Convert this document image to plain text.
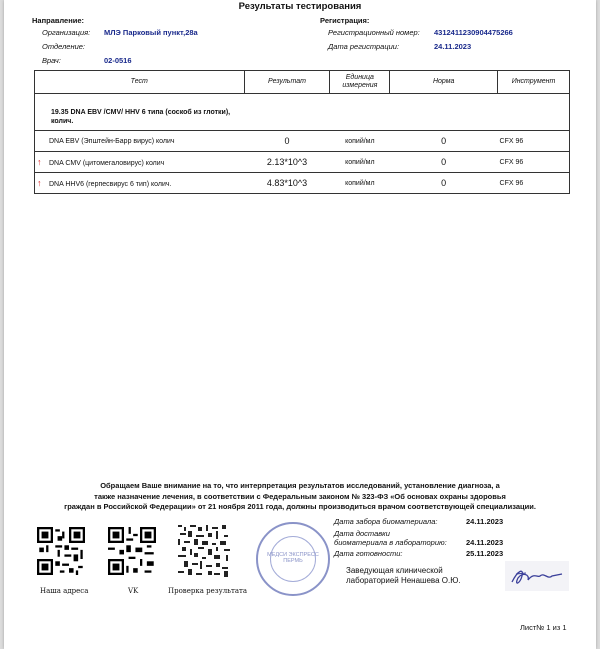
Результаты тестирования
Направление:	Регистрация:
Организация: МЛЭ Парковый пункт,28а
Отделение:
Врач:	02-0516
Регистрационный номер: 4312411230904475266
Дата регистрации:	24.11.2023
Тест	Результат	Единица измерения	Норма	Инструмент

19.35 DNA EBV /CMV/ HHV 6 типа (соскоб из глотки), колич.				
DNA EBV (Эпштейн-Барр вирус) колич	0	копий/мл	0	CFX 96
↑ DNA CMV (цитомегаловирус) колич	2.13*10^3	копий/мл	0	CFX 96
↑ DNA HHV6 (герпесвирус 6 тип) колич.	4.83*10^3	копий/мл	0	CFX 96
Обращаем Ваше внимание на то, что интерпретация результатов исследований, установление диагноза, а
также назначение лечения, в соответствии с Федеральным законом № 323-ФЗ «Об основах охраны здоровья
граждан в Российской Федерации» от 21 ноября 2011 года, должны производиться врачом соответствующей специализации.
Наша адреса	VK	Проверка результата
МЕДСИ ЭКСПРЕСС ПЕРМЬ
Дата забора биоматериала:	24.11.2023
Дата доставки
биоматериала в лабораторию:	24.11.2023
Дата готовности:	25.11.2023
Заведующая клинической
лабораторией Ненашева О.Ю.
Лист№ 1 из 1
